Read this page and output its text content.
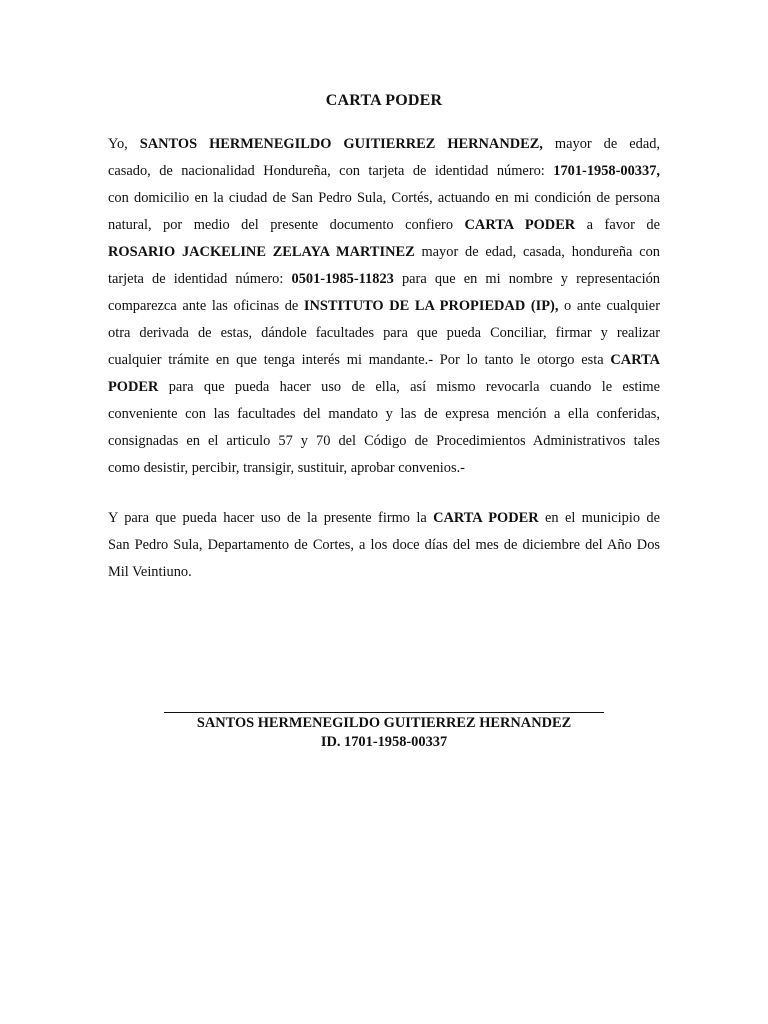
CARTA PODER
Yo, SANTOS HERMENEGILDO GUITIERREZ HERNANDEZ, mayor de edad,
casado, de nacionalidad Hondureña, con tarjeta de identidad número: 1701-1958-00337,
con domicilio en la ciudad de San Pedro Sula, Cortés, actuando en mi condición de persona
natural, por medio del presente documento confiero CARTA PODER a favor de
ROSARIO JACKELINE ZELAYA MARTINEZ mayor de edad, casada, hondureña con
tarjeta de identidad número: 0501-1985-11823 para que en mi nombre y representación
comparezca ante las oficinas de INSTITUTO DE LA PROPIEDAD (IP), o ante cualquier
otra derivada de estas, dándole facultades para que pueda Conciliar, firmar y realizar
cualquier trámite en que tenga interés mi mandante.- Por lo tanto le otorgo esta CARTA
PODER para que pueda hacer uso de ella, así mismo revocarla cuando le estime
conveniente con las facultades del mandato y las de expresa mención a ella conferidas,
consignadas en el articulo 57 y 70 del Código de Procedimientos Administrativos tales
como desistir, percibir, transigir, sustituir, aprobar convenios.-
Y para que pueda hacer uso de la presente firmo la CARTA PODER en el municipio de
San Pedro Sula, Departamento de Cortes, a los doce días del mes de diciembre del Año Dos
Mil Veintiuno.
SANTOS HERMENEGILDO GUITIERREZ HERNANDEZ
ID. 1701-1958-00337
